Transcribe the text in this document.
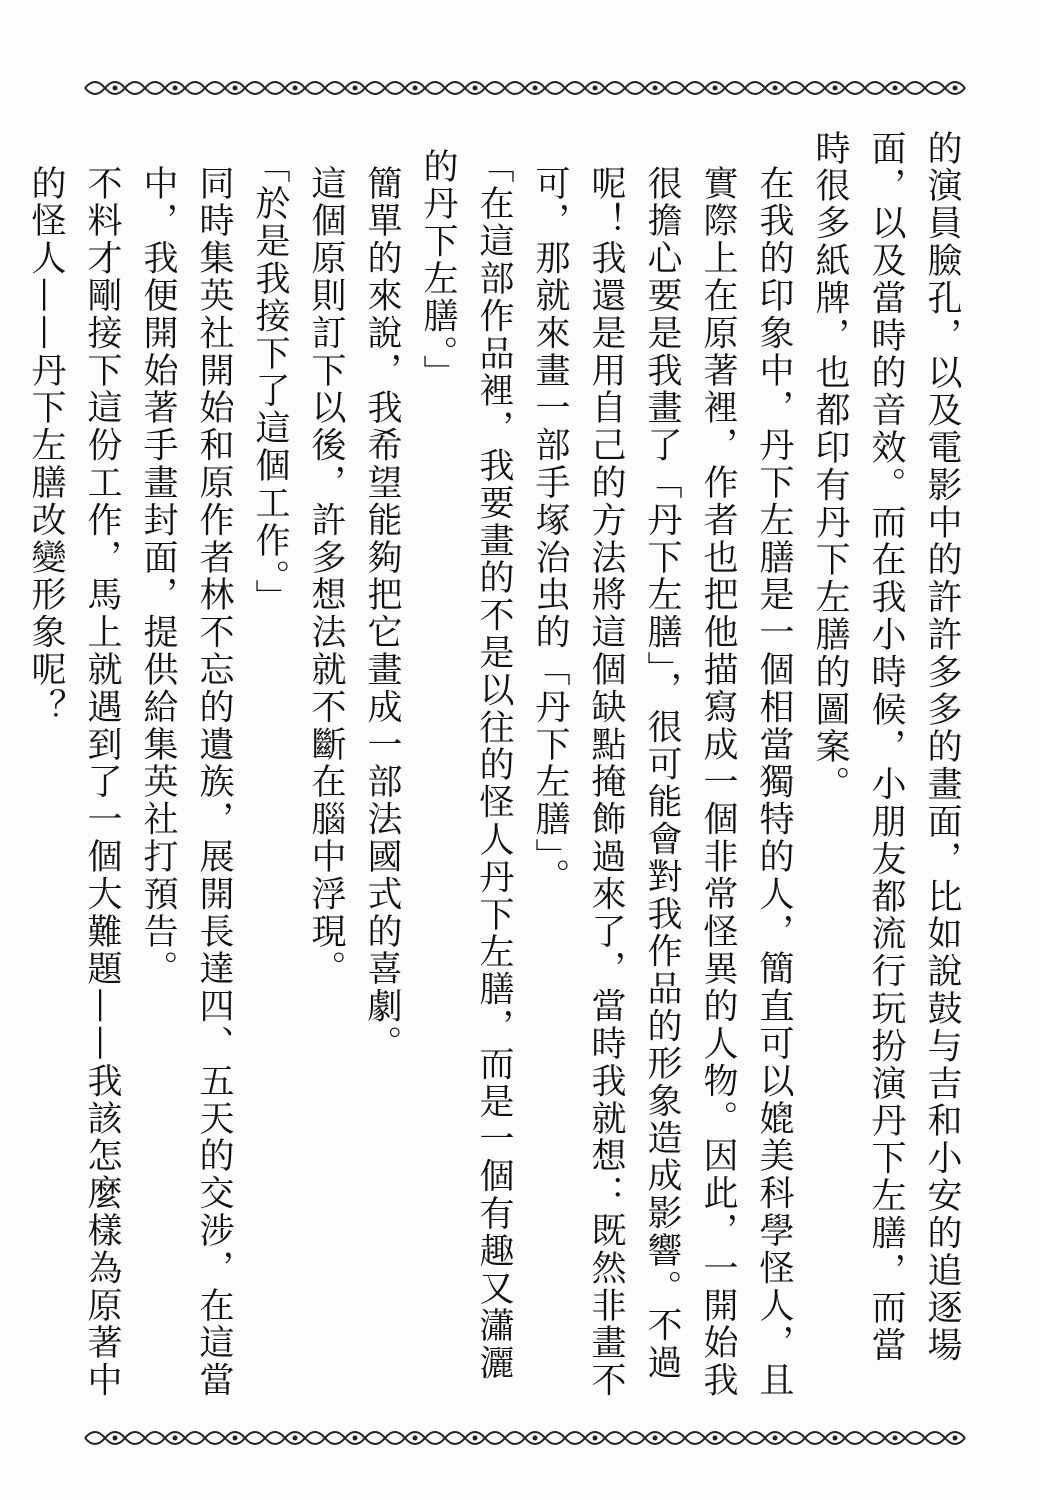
的演員臉孔，以及電影中的許許多多的畫面，比如說鼓与吉和小安的追逐場面，以及當時的音效。而在我小時候，小朋友都流行玩扮演丹下左膳，而當時很多紙牌，也都印有丹下左膳的圖案。

在我的印象中，丹下左膳是一個相當獨特的人，簡直可以媲美科學怪人，且實際上在原著裡，作者也把他描寫成一個非常怪異的人物。因此，一開始我很擔心要是我畫了「丹下左膳」，很可能會對我作品的形象造成影響。不過呢！我還是用自己的方法將這個缺點掩飾過來了，當時我就想：既然非畫不可，那就來畫一部手塚治虫的「丹下左膳」。

「在這部作品裡，我要畫的不是以往的怪人丹下左膳，而是一個有趣又瀟灑的丹下左膳。」

簡單的來說，我希望能夠把它畫成一部法國式的喜劇。

這個原則訂下以後，許多想法就不斷在腦中浮現。

「於是我接下了這個工作。」

同時集英社開始和原作者林不忘的遺族，展開長達四、五天的交涉，在這當中，我便開始著手畫封面，提供給集英社打預告。

不料才剛接下這份工作，馬上就遇到了一個大難題——我該怎麼樣為原著中的怪人——丹下左膳改變形象呢？
